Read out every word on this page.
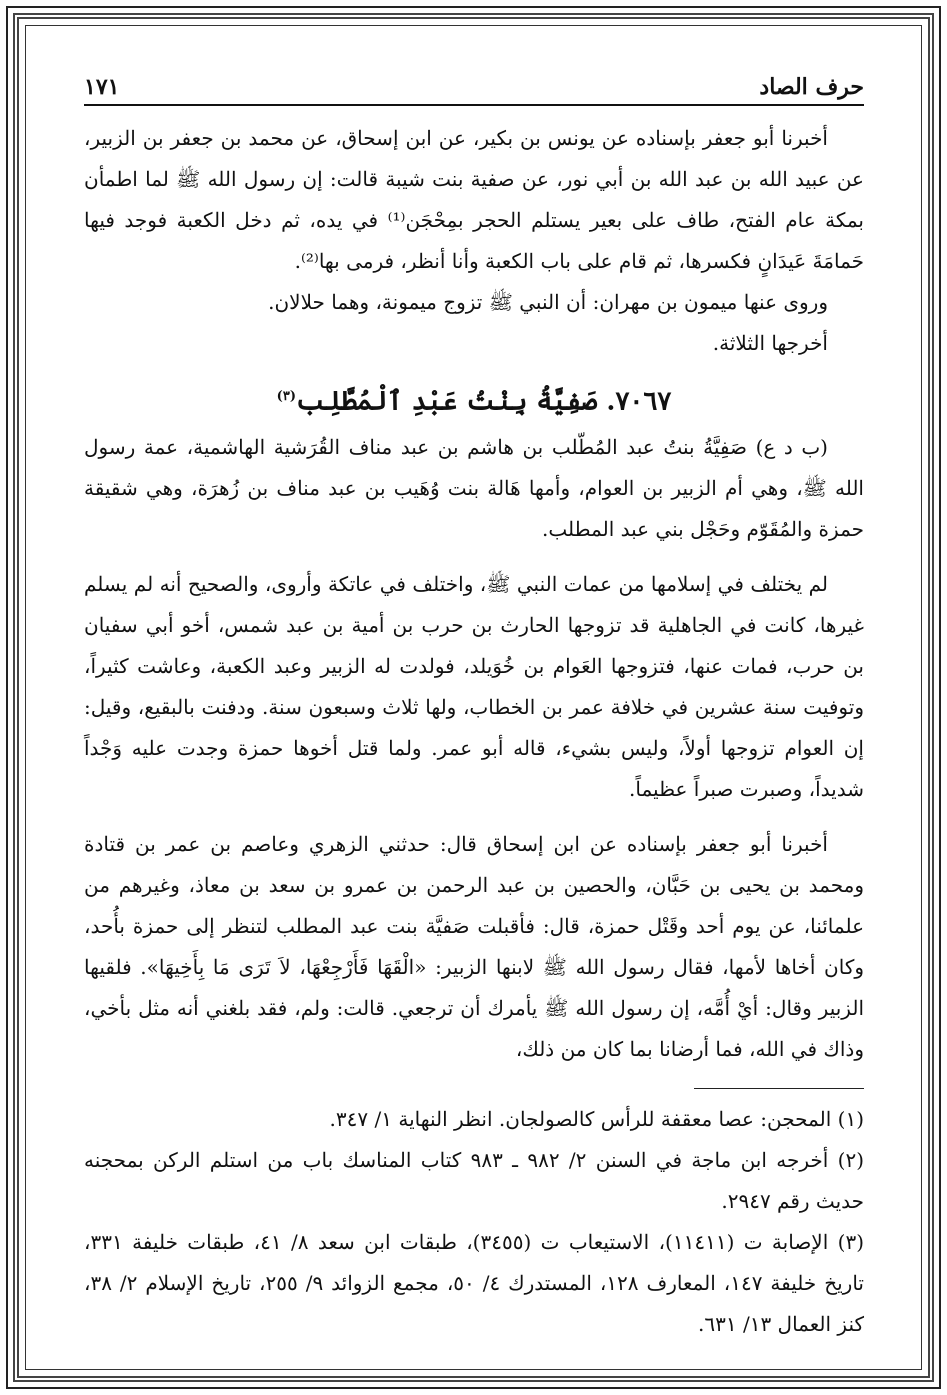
حرف الصاد
١٧١

أخبرنا أبو جعفر بإسناده عن يونس بن بكير، عن ابن إسحاق، عن محمد بن جعفر بن الزبير، عن عبيد الله بن عبد الله بن أبي نور، عن صفية بنت شيبة قالت: إن رسول الله ﷺ لما اطمأن بمكة عام الفتح، طاف على بعير يستلم الحجر بمِحْجَن⁽¹⁾ في يده، ثم دخل الكعبة فوجد فيها حَمامَةَ عَيدَانٍ فكسرها، ثم قام على باب الكعبة وأنا أنظر، فرمى بها⁽²⁾.

وروى عنها ميمون بن مهران: أن النبي ﷺ تزوج ميمونة، وهما حلالان.

أخرجها الثلاثة.

٧٠٦٧. صَفِيَّةُ بِنْتُ عَبْدِ ٱلْمُطَّلِب$^{(٣)}$

(ب د ع) صَفِيَّةُ بنتُ عبد المُطّلب بن هاشم بن عبد مناف القُرَشية الهاشمية، عمة رسول الله ﷺ، وهي أم الزبير بن العوام، وأمها هَالة بنت وُهَيب بن عبد مناف بن زُهرَة، وهي شقيقة حمزة والمُقَوّم وحَجْل بني عبد المطلب.

لم يختلف في إسلامها من عمات النبي ﷺ، واختلف في عاتكة وأروى، والصحيح أنه لم يسلم غيرها، كانت في الجاهلية قد تزوجها الحارث بن حرب بن أمية بن عبد شمس، أخو أبي سفيان بن حرب، فمات عنها، فتزوجها العَوام بن خُوَيلد، فولدت له الزبير وعبد الكعبة، وعاشت كثيراً، وتوفيت سنة عشرين في خلافة عمر بن الخطاب، ولها ثلاث وسبعون سنة. ودفنت بالبقيع، وقيل: إن العوام تزوجها أولاً، وليس بشيء، قاله أبو عمر. ولما قتل أخوها حمزة وجدت عليه وَجْداً شديداً، وصبرت صبراً عظيماً.

أخبرنا أبو جعفر بإسناده عن ابن إسحاق قال: حدثني الزهري وعاصم بن عمر بن قتادة ومحمد بن يحيى بن حَبَّان، والحصين بن عبد الرحمن بن عمرو بن سعد بن معاذ، وغيرهم من علمائنا، عن يوم أحد وقَتْل حمزة، قال: فأقبلت صَفيَّة بنت عبد المطلب لتنظر إلى حمزة بأُحد، وكان أخاها لأمها، فقال رسول الله ﷺ لابنها الزبير: «الْقَهَا فَأَرْجِعْهَا، لاَ تَرَى مَا بِأَخِيهَا». فلقيها الزبير وقال: أيْ أُمَّه، إن رسول الله ﷺ يأمرك أن ترجعي. قالت: ولم، فقد بلغني أنه مثل بأخي، وذاك في الله، فما أرضانا بما كان من ذلك،

(١) المحجن: عصا معقفة للرأس كالصولجان. انظر النهاية ١/ ٣٤٧.

(٢) أخرجه ابن ماجة في السنن ٢/ ٩٨٢ ـ ٩٨٣ كتاب المناسك باب من استلم الركن بمحجنه حديث رقم ٢٩٤٧.

(٣) الإصابة ت (١١٤١١)، الاستيعاب ت (٣٤٥٥)، طبقات ابن سعد ٨/ ٤١، طبقات خليفة ٣٣١، تاريخ خليفة ١٤٧، المعارف ١٢٨، المستدرك ٤/ ٥٠، مجمع الزوائد ٩/ ٢٥٥، تاريخ الإسلام ٢/ ٣٨، كنز العمال ١٣/ ٦٣١.
